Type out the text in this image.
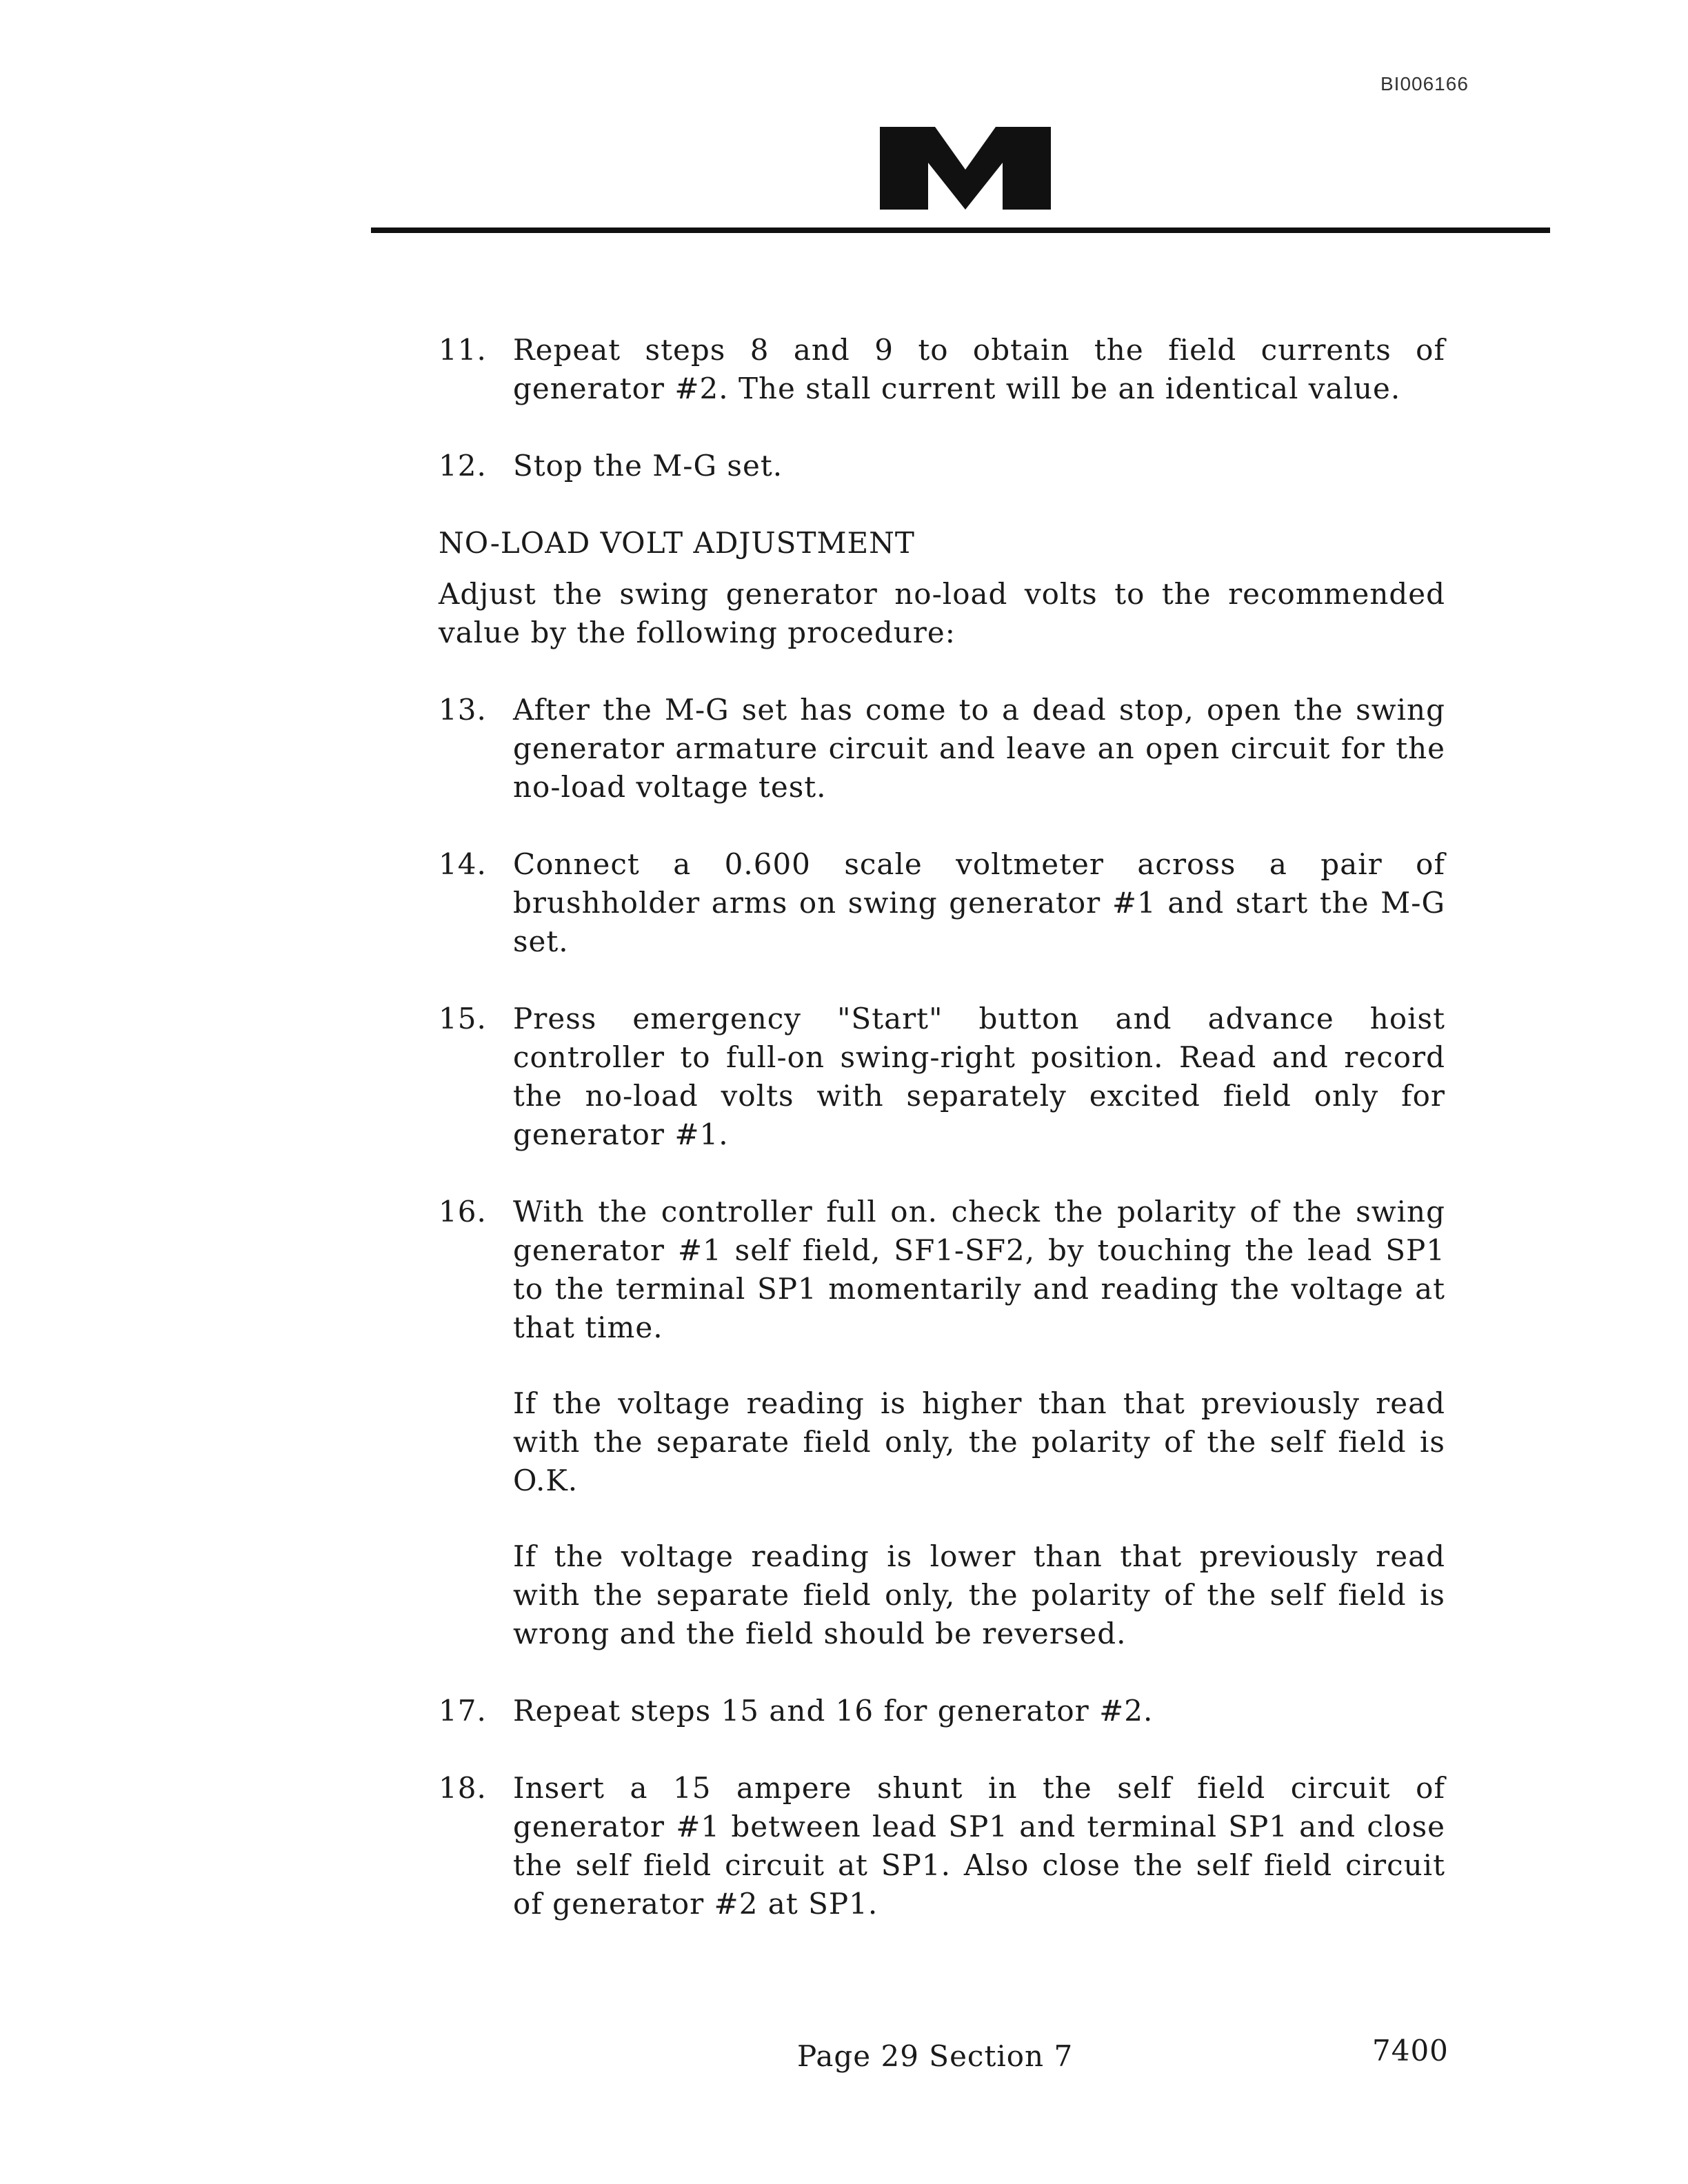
BI006166
11. Repeat steps 8 and 9 to obtain the field currents of generator #2. The stall current will be an identical value.
12. Stop the M-G set.
NO-LOAD VOLT ADJUSTMENT
Adjust the swing generator no-load volts to the recommended value by the following procedure:
13. After the M-G set has come to a dead stop, open the swing generator armature circuit and leave an open circuit for the no-load voltage test.
14. Connect a 0.600 scale voltmeter across a pair of brushholder arms on swing generator #1 and start the M-G set.
15. Press emergency "Start" button and advance hoist controller to full-on swing-right position. Read and record the no-load volts with separately excited field only for generator #1.
16. With the controller full on. check the polarity of the swing generator #1 self field, SF1-SF2, by touching the lead SP1 to the terminal SP1 momentarily and reading the voltage at that time.

If the voltage reading is higher than that previously read with the separate field only, the polarity of the self field is O.K.

If the voltage reading is lower than that previously read with the separate field only, the polarity of the self field is wrong and the field should be reversed.

17. Repeat steps 15 and 16 for generator #2.
18. Insert a 15 ampere shunt in the self field circuit of generator #1 between lead SP1 and terminal SP1 and close the self field circuit at SP1. Also close the self field circuit of generator #2 at SP1.
Page 29 Section 7	7400
